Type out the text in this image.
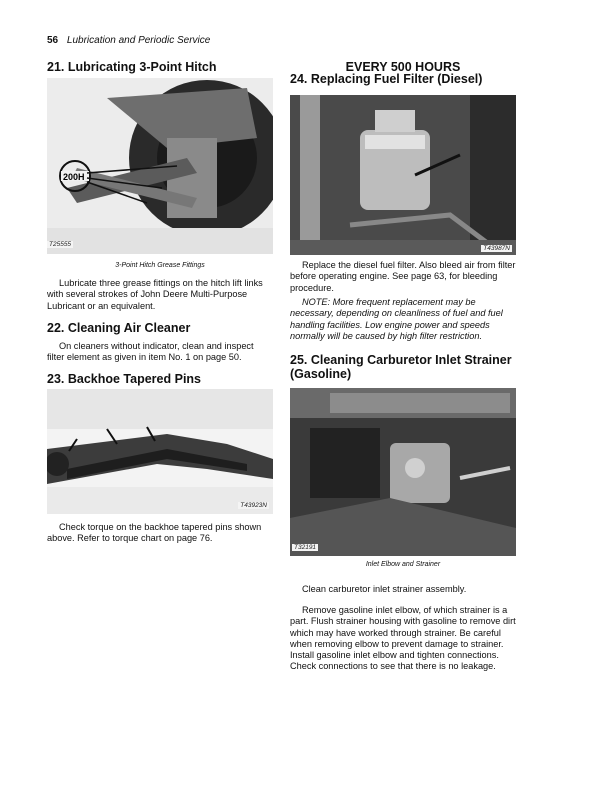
56 Lubrication and Periodic Service
21. Lubricating 3-Point Hitch
200H
T25555
3-Point Hitch Grease Fittings

Lubricate three grease fittings on the hitch lift links with several strokes of John Deere Multi-Purpose Lubricant or an equivalent.

22. Cleaning Air Cleaner

On cleaners without indicator, clean and inspect filter element as given in item No. 1 on page 50.

23. Backhoe Tapered Pins
T43923N

Check torque on the backhoe tapered pins shown above. Refer to torque chart on page 76.

EVERY 500 HOURS
24. Replacing Fuel Filter (Diesel)
T43987N

Replace the diesel fuel filter. Also bleed air from filter before operating engine. See page 63, for bleeding procedure.

NOTE: More frequent replacement may be necessary, depending on cleanliness of fuel and fuel handling facilities. Low engine power and speeds normally will be caused by high filter restriction.

25. Cleaning Carburetor Inlet Strainer
(Gasoline)
T32191
Inlet Elbow and Strainer

Clean carburetor inlet strainer assembly.

Remove gasoline inlet elbow, of which strainer is a part. Flush strainer housing with gasoline to remove dirt which may have worked through strainer. Be careful when removing elbow to prevent damage to strainer. Install gasoline inlet elbow and tighten connections. Check connections to see that there is no leakage.
